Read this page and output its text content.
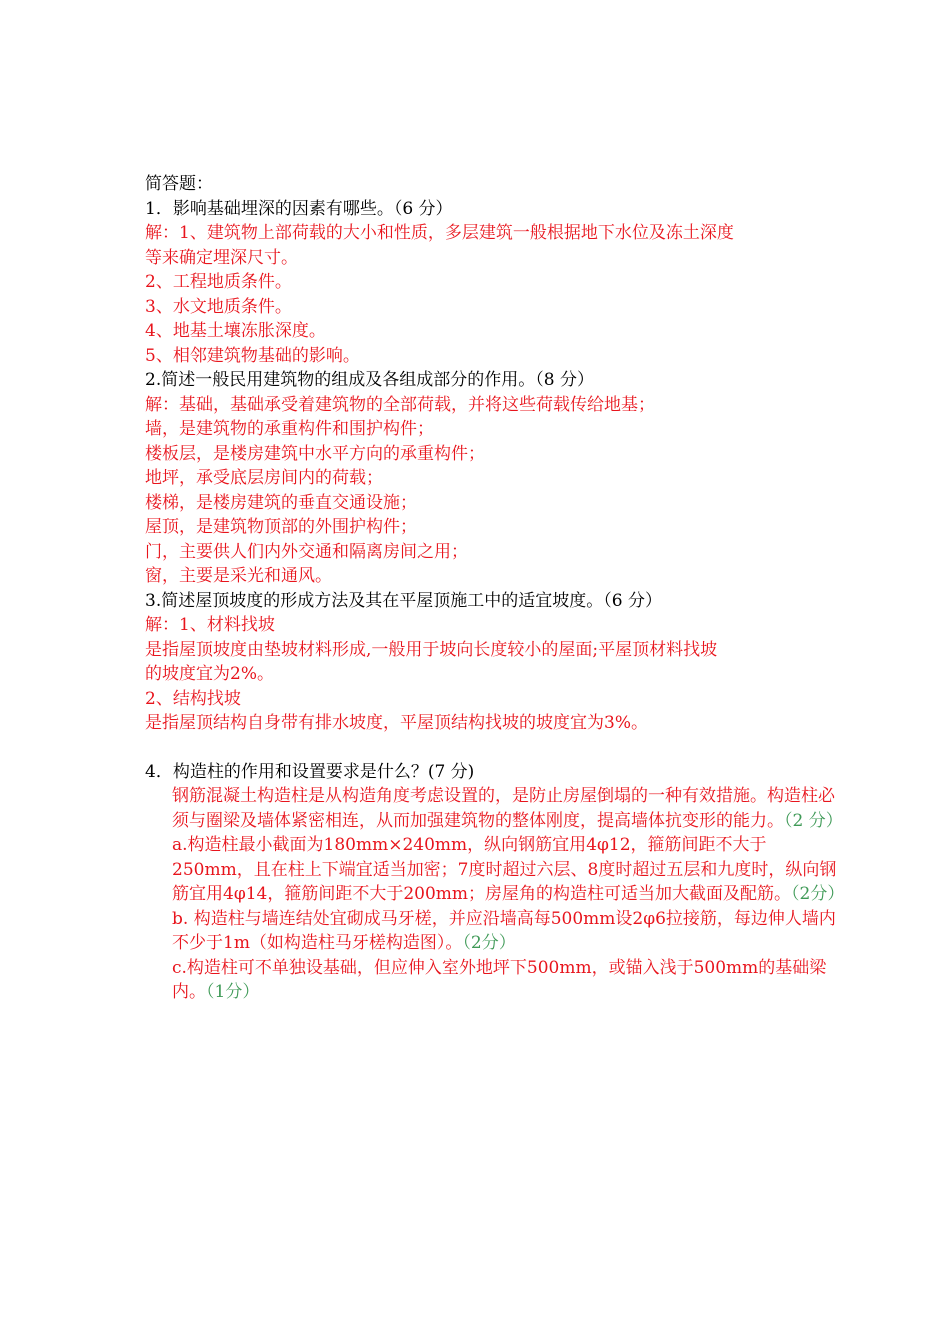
简答题：
1．影响基础埋深的因素有哪些。（6 分）
解：1、建筑物上部荷载的大小和性质，多层建筑一般根据地下水位及冻土深度
等来确定埋深尺寸。
2、工程地质条件。
3、水文地质条件。
4、地基土壤冻胀深度。
5、相邻建筑物基础的影响。
2.简述一般民用建筑物的组成及各组成部分的作用。（8 分）
解：基础，基础承受着建筑物的全部荷载，并将这些荷载传给地基；
墙，是建筑物的承重构件和围护构件；
楼板层，是楼房建筑中水平方向的承重构件；
地坪，承受底层房间内的荷载；
楼梯，是楼房建筑的垂直交通设施；
屋顶，是建筑物顶部的外围护构件；
门，主要供人们内外交通和隔离房间之用；
窗，主要是采光和通风。
3.简述屋顶坡度的形成方法及其在平屋顶施工中的适宜坡度。（6 分）
解：1、材料找坡
是指屋顶坡度由垫坡材料形成,一般用于坡向长度较小的屋面;平屋顶材料找坡
的坡度宜为2%。
2、结构找坡
是指屋顶结构自身带有排水坡度，平屋顶结构找坡的坡度宜为3%。
4．构造柱的作用和设置要求是什么？(7 分)
钢筋混凝土构造柱是从构造角度考虑设置的，是防止房屋倒塌的一种有效措施。构造柱必须与圈梁及墙体紧密相连，从而加强建筑物的整体刚度，提高墙体抗变形的能力。（2 分）
a.构造柱最小截面为180mm×240mm，纵向钢筋宜用4φ12，箍筋间距不大于250mm，且在柱上下端宜适当加密；7度时超过六层、8度时超过五层和九度时，纵向钢筋宜用4φ14，箍筋间距不大于200mm；房屋角的构造柱可适当加大截面及配筋。（2分）
b. 构造柱与墙连结处宜砌成马牙槎，并应沿墙高每500mm设2φ6拉接筋，每边伸人墙内不少于1m（如构造柱马牙槎构造图）。（2分）
c.构造柱可不单独设基础，但应伸入室外地坪下500mm，或锚入浅于500mm的基础梁内。（1分）
